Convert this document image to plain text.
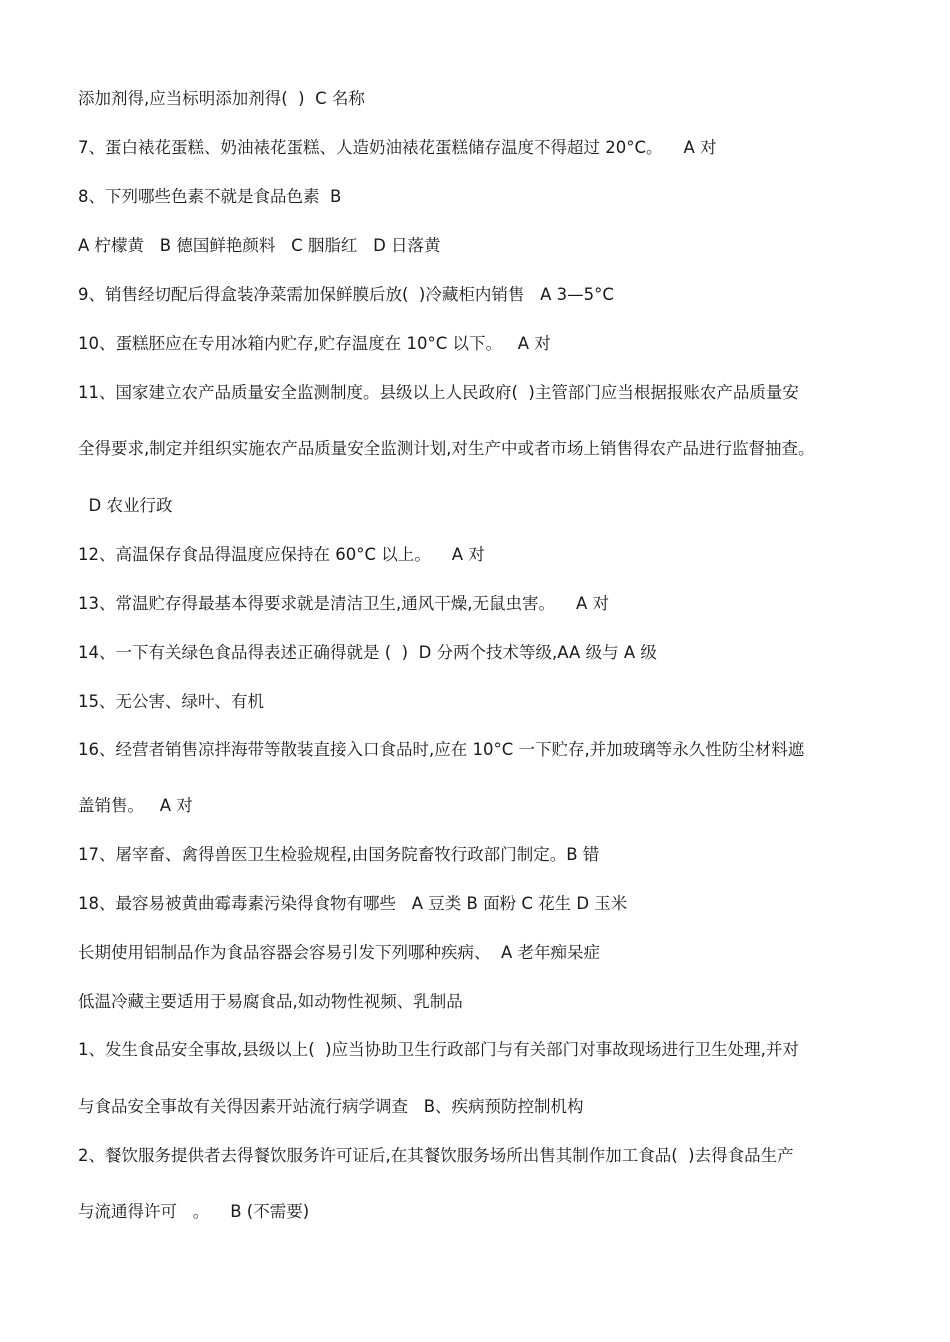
添加剂得,应当标明添加剂得(  )  C 名称
7、蛋白裱花蛋糕、奶油裱花蛋糕、人造奶油裱花蛋糕储存温度不得超过 20°C。    A 对
8、下列哪些色素不就是食品色素  B
A 柠檬黄   B 德国鲜艳颜料   C 胭脂红   D 日落黄
9、销售经切配后得盒装净菜需加保鲜膜后放(  )冷藏柜内销售   A 3—5°C
10、蛋糕胚应在专用冰箱内贮存,贮存温度在 10°C 以下。   A 对
11、国家建立农产品质量安全监测制度。县级以上人民政府(  )主管部门应当根据报账农产品质量安
全得要求,制定并组织实施农产品质量安全监测计划,对生产中或者市场上销售得农产品进行监督抽查。
D 农业行政
12、高温保存食品得温度应保持在 60°C 以上。    A 对
13、常温贮存得最基本得要求就是清洁卫生,通风干燥,无鼠虫害。    A 对
14、一下有关绿色食品得表述正确得就是 (  )  D 分两个技术等级,AA 级与 A 级
15、无公害、绿叶、有机
16、经营者销售凉拌海带等散装直接入口食品时,应在 10°C 一下贮存,并加玻璃等永久性防尘材料遮
盖销售。   A 对
17、屠宰畜、禽得兽医卫生检验规程,由国务院畜牧行政部门制定。B 错
18、最容易被黄曲霉毒素污染得食物有哪些   A 豆类 B 面粉 C 花生 D 玉米
长期使用铝制品作为食品容器会容易引发下列哪种疾病、  A 老年痴呆症
低温冷藏主要适用于易腐食品,如动物性视频、乳制品
1、发生食品安全事故,县级以上(  )应当协助卫生行政部门与有关部门对事故现场进行卫生处理,并对
与食品安全事故有关得因素开站流行病学调查   B、疾病预防控制机构
2、餐饮服务提供者去得餐饮服务许可证后,在其餐饮服务场所出售其制作加工食品(  )去得食品生产
与流通得许可   。    B (不需要)
